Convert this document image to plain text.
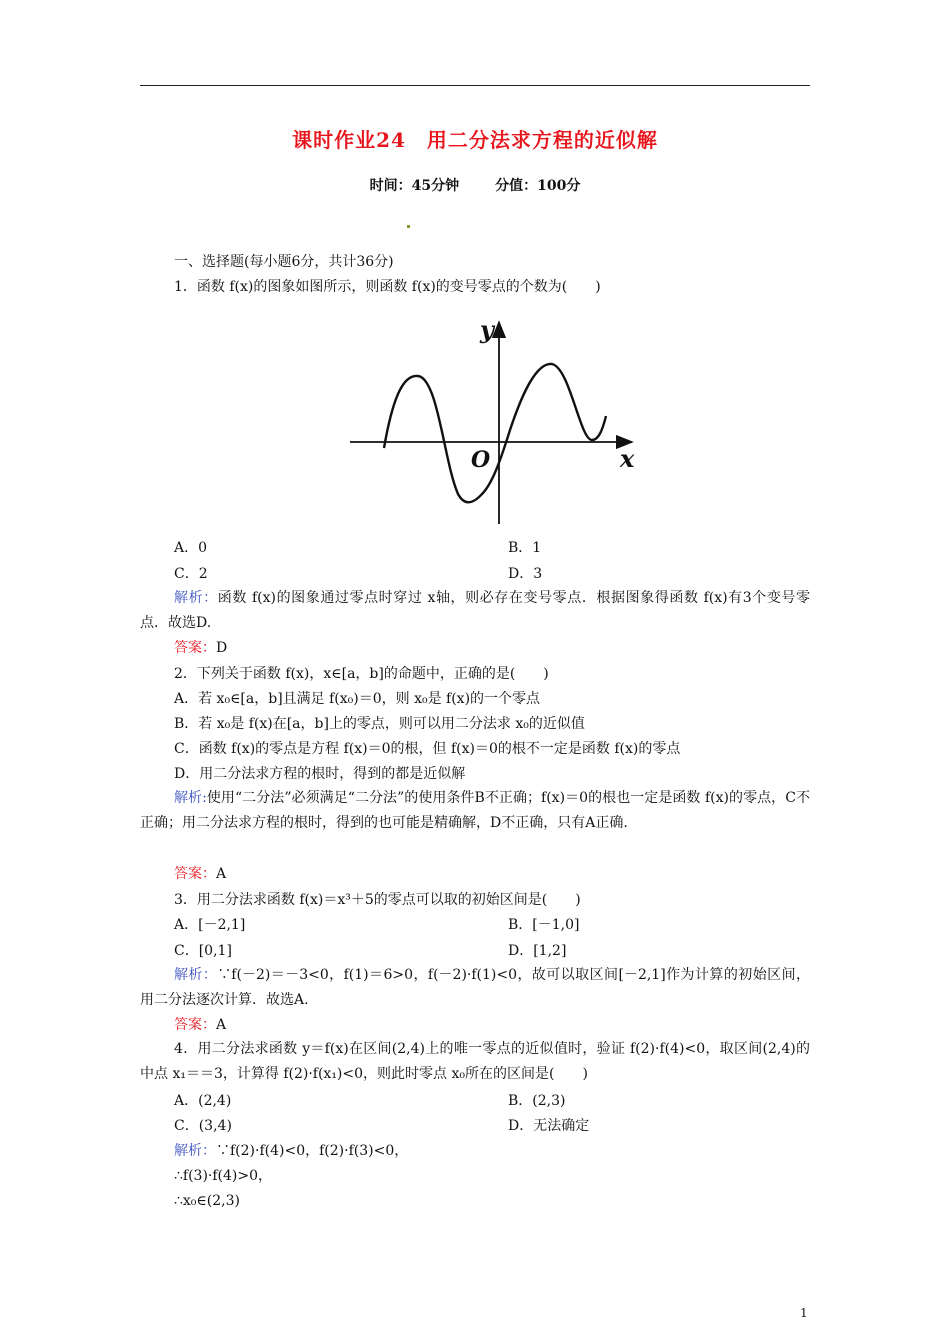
课时作业24　用二分法求方程的近似解
时间：45分钟	分值：100分
一、选择题(每小题6分，共计36分)
1．函数 f(x)的图象如图所示，则函数 f(x)的变号零点的个数为(　　)
y
x
O
A．0	B．1
C．2	D．3

解析：函数 f(x)的图象通过零点时穿过 x轴，则必存在变号零点．根据图象得函数 f(x)有3个变号零点．故选D.

答案：D
2．下列关于函数 f(x)，x∈[a，b]的命题中，正确的是(　　)
A．若 x₀∈[a，b]且满足 f(x₀)＝0，则 x₀是 f(x)的一个零点
B．若 x₀是 f(x)在[a，b]上的零点，则可以用二分法求 x₀的近似值
C．函数 f(x)的零点是方程 f(x)＝0的根，但 f(x)＝0的根不一定是函数 f(x)的零点
D．用二分法求方程的根时，得到的都是近似解

解析:使用“二分法”必须满足“二分法”的使用条件B不正确；f(x)＝0的根也一定是函数 f(x)的零点，C不正确；用二分法求方程的根时，得到的也可能是精确解，D不正确，只有A正确.

答案：A
3．用二分法求函数 f(x)＝x³＋5的零点可以取的初始区间是(　　)
A．[－2,1]	B．[－1,0]
C．[0,1]	D．[1,2]

解析：∵f(－2)＝－3<0，f(1)＝6>0，f(－2)·f(1)<0，故可以取区间[－2,1]作为计算的初始区间，用二分法逐次计算．故选A.

答案：A

4．用二分法求函数 y＝f(x)在区间(2,4)上的唯一零点的近似值时，验证 f(2)·f(4)<0，取区间(2,4)的中点 x₁＝＝3，计算得 f(2)·f(x₁)<0，则此时零点 x₀所在的区间是(　　)

A．(2,4)	B．(2,3)
C．(3,4)	D．无法确定
解析：∵f(2)·f(4)<0，f(2)·f(3)<0，
∴f(3)·f(4)>0，
∴x₀∈(2,3)
1
